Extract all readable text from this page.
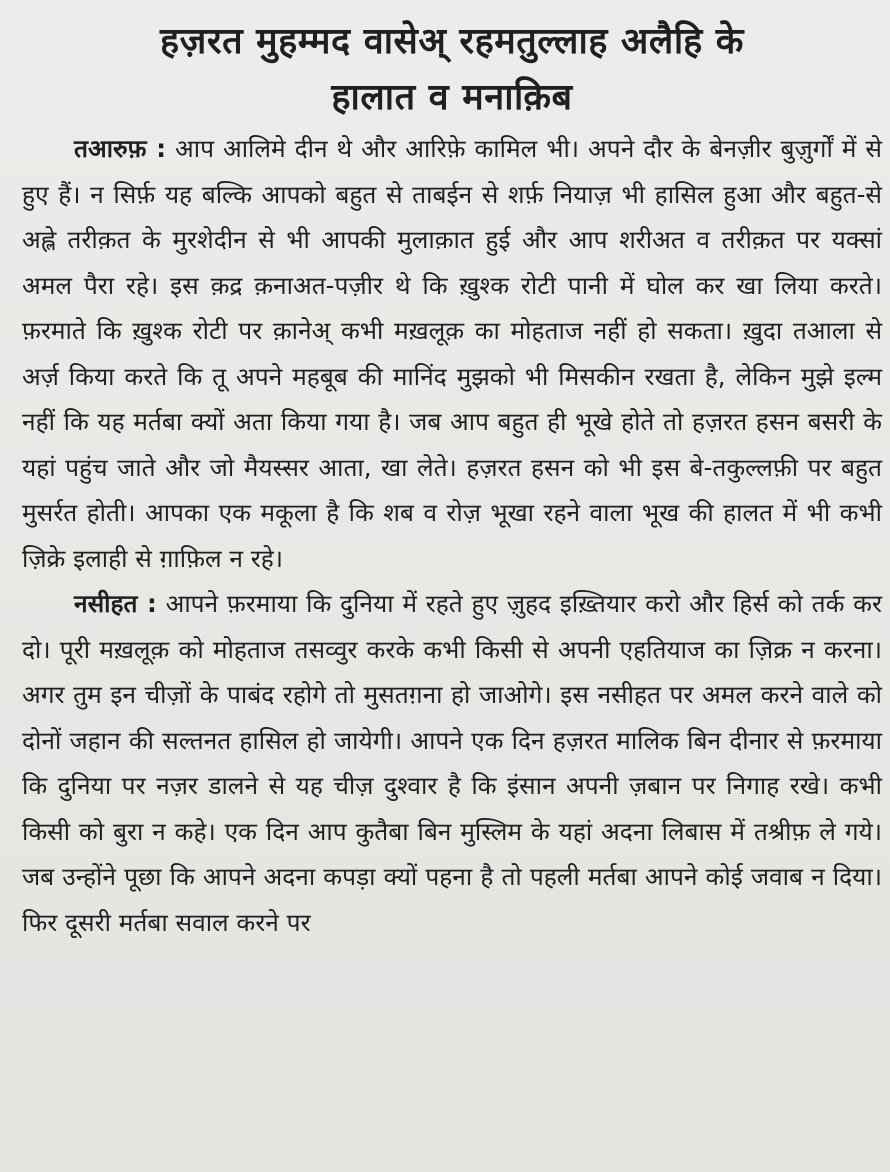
हज़रत मुहम्मद वासेअ् रहमतुल्लाह अलैहि के
हालात व मनाक़िब

तआरुफ़ : आप आलिमे दीन थे और आरिफ़े कामिल भी। अपने दौर के बेनज़ीर बुज़ुर्गों में से हुए हैं। न सिर्फ़ यह बल्कि आपको बहुत से ताबईन से शर्फ़ नियाज़ भी हासिल हुआ और बहुत-से अह्ले तरीक़त के मुरशेदीन से भी आपकी मुलाक़ात हुई और आप शरीअत व तरीक़त पर यक्सां अमल पैरा रहे। इस क़द्र क़नाअत-पज़ीर थे कि ख़ुश्क रोटी पानी में घोल कर खा लिया करते। फ़रमाते कि ख़ुश्क रोटी पर क़ानेअ् कभी मख़लूक़ का मोहताज नहीं हो सकता। ख़ुदा तआला से अर्ज़ किया करते कि तू अपने महबूब की मानिंद मुझको भी मिसकीन रखता है, लेकिन मुझे इल्म नहीं कि यह मर्तबा क्यों अता किया गया है। जब आप बहुत ही भूखे होते तो हज़रत हसन बसरी के यहां पहुंच जाते और जो मैयस्सर आता, खा लेते। हज़रत हसन को भी इस बे-तकुल्लफ़ी पर बहुत मुसर्रत होती। आपका एक मकूला है कि शब व रोज़ भूखा रहने वाला भूख की हालत में भी कभी ज़िक्रे इलाही से ग़ाफ़िल न रहे।

नसीहत : आपने फ़रमाया कि दुनिया में रहते हुए ज़ुहद इख़्तियार करो और हिर्स को तर्क कर दो। पूरी मख़लूक़ को मोहताज तसव्वुर करके कभी किसी से अपनी एहतियाज का ज़िक्र न करना। अगर तुम इन चीज़ों के पाबंद रहोगे तो मुसतग़ना हो जाओगे। इस नसीहत पर अमल करने वाले को दोनों जहान की सल्तनत हासिल हो जायेगी। आपने एक दिन हज़रत मालिक बिन दीनार से फ़रमाया कि दुनिया पर नज़र डालने से यह चीज़ दुश्वार है कि इंसान अपनी ज़बान पर निगाह रखे। कभी किसी को बुरा न कहे। एक दिन आप कुतैबा बिन मुस्लिम के यहां अदना लिबास में तश्रीफ़ ले गये। जब उन्होंने पूछा कि आपने अदना कपड़ा क्यों पहना है तो पहली मर्तबा आपने कोई जवाब न दिया। फिर दूसरी मर्तबा सवाल करने पर
